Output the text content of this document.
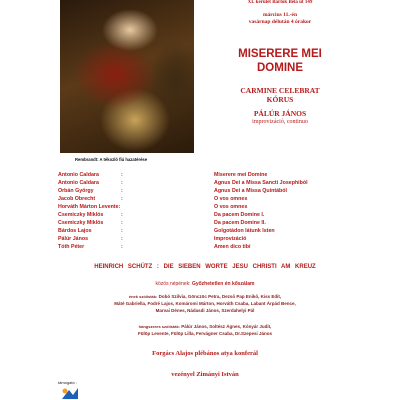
Rembrandt: A tékozló fiú hazatérése
XI. kerület Bartók Béla út 149
március 11.-én
vasárnap délután 4 órakor
MISERERE MEI
DOMINE
CARMINE CELEBRAT
KÓRUS
PÁLÚR JÁNOS
improvizáció, continuo
Antonio Caldara	:	Miserere mei Domine
Antonio Caldara	:	Agnus Dei a Missa Sancti Josephiból
Orbán György	:	Agnus Dei a Missa Quintából
Jacob Obrecht	:	O vos omnes
Horváth Márton Levente:	O vos omnes
Csemiczky Miklós	:	Da pacem Domine I.
Csemiczky Miklós	:	Da pacem Domine II.
Bárdos Lajos	:	Golgotádon látunk Isten
Pálúr János	:	Improvizáció
Tóth Péter	:	Amen dico tibi
HEINRICH SCHÜTZ : DIE SIEBEN WORTE JESU CHRISTI AM KREUZ
közös népének: Győzhetetlen én kőszálam
ének szólisták: Dobó Szilvia, Gönczöc Petra, Dezső Pap Enikő, Kiss Edit,
Máté Gabriella, Fodré Lajos, Komáromi Márton, Horváth Csaba, Labant Árpád Bence,
Marvai Dénes, Nádasdi János, Szerdahelyi Pál
hangszeres szólisták: Pálúr János, Soltész Ágnes, Kónyár Judit,
Fülöp Levente, Fülöp Lilla, Fervágner Csaba, Dr.Szepesi János
Forgács Alajos plébános atya konferál
vezényel Zimányi István
támogató :
